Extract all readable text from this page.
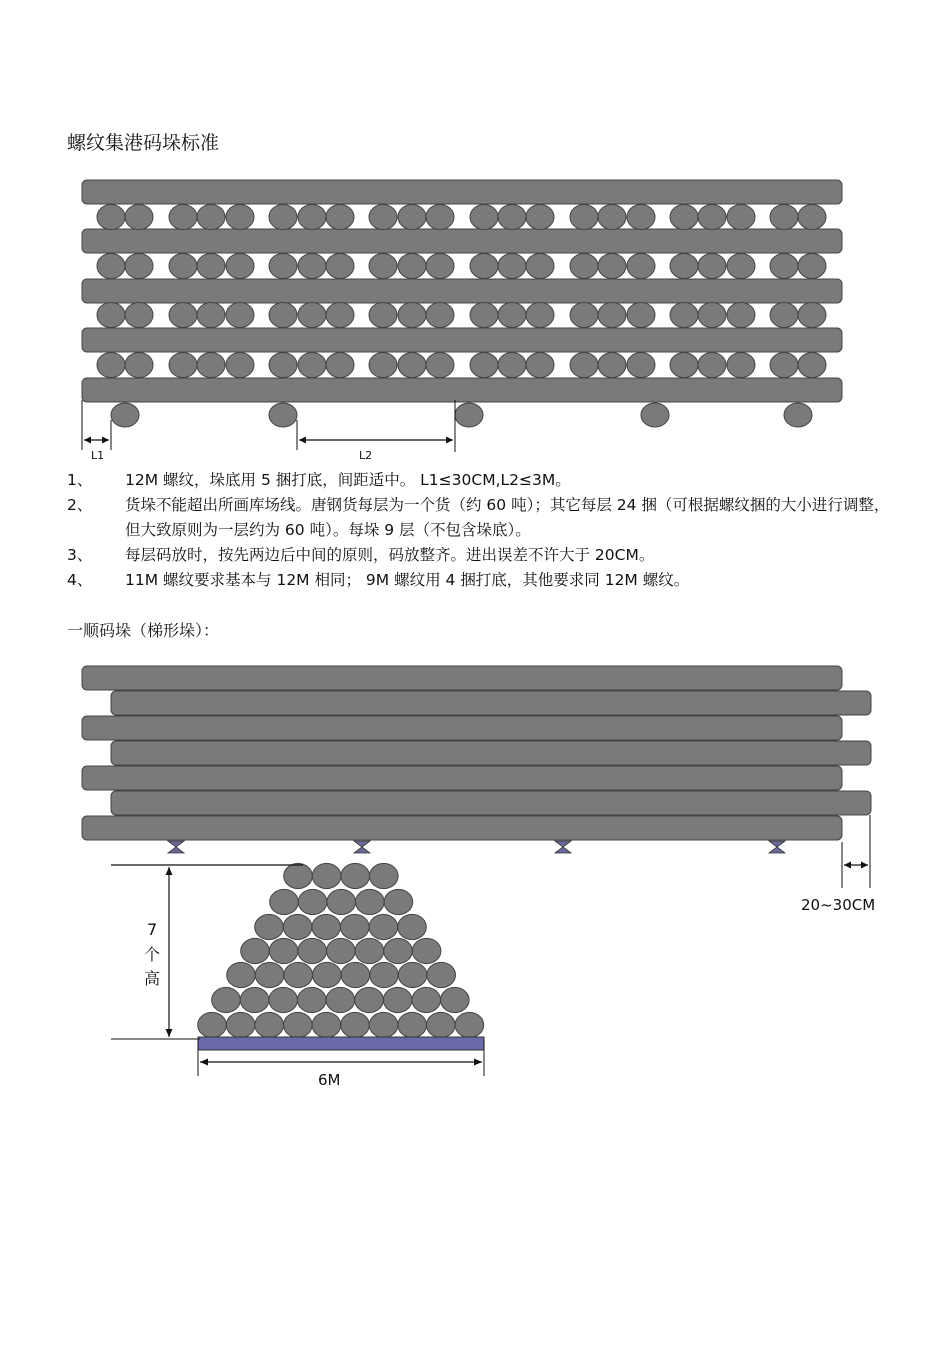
螺纹集港码垛标准
L1	L2
1、	12M 螺纹，垛底用 5 捆打底，间距适中。 L1≤30CM,L2≤3M。
2、	货垛不能超出所画库场线。唐钢货每层为一个货（约 60 吨）；其它每层 24 捆（可根据螺纹捆的大小进行调整，但大致原则为一层约为 60 吨）。每垛 9 层（不包含垛底）。
3、	每层码放时，按先两边后中间的原则，码放整齐。进出误差不许大于 20CM。
4、	11M 螺纹要求基本与 12M 相同； 9M 螺纹用 4 捆打底，其他要求同 12M 螺纹。
一顺码垛（梯形垛）：
20~30CM
7
个
高
6M
